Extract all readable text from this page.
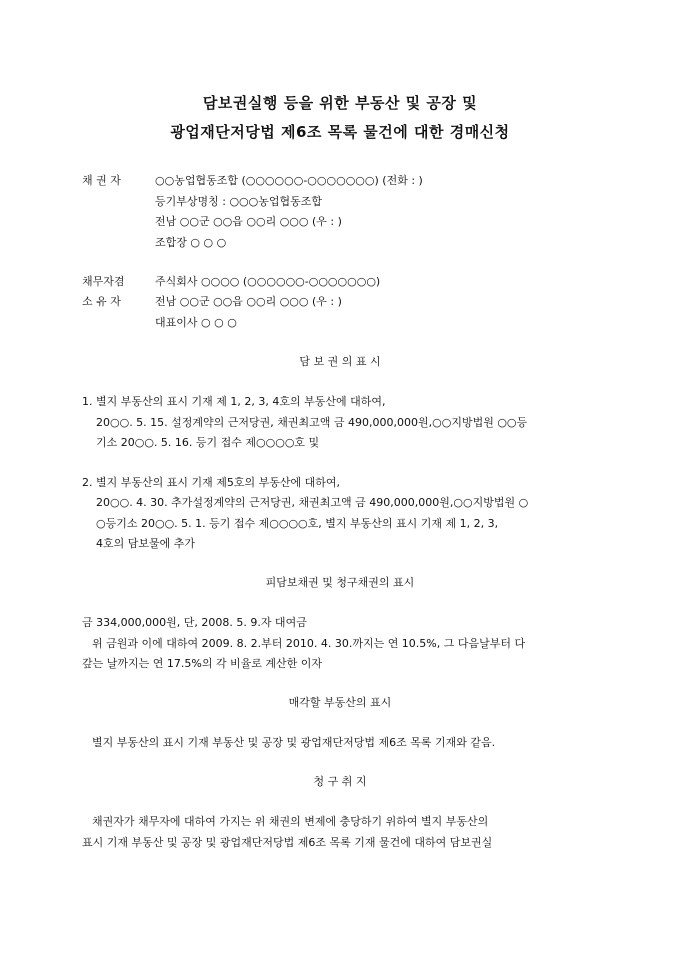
담보권실행 등을 위한 부동산 및 공장 및
광업재단저당법 제6조 목록 물건에 대한 경매신청
채 권 자	○○농업협동조합 (○○○○○○-○○○○○○○) (전화 : )
등기부상명칭 : ○○○농업협동조합
전남 ○○군 ○○읍 ○○리 ○○○ (우 : )
조합장 ○ ○ ○
채무자겸	주식회사 ○○○○ (○○○○○○-○○○○○○○)
소 유 자	전남 ○○군 ○○읍 ○○리 ○○○ (우 : )
대표이사 ○ ○ ○
담 보 권 의 표 시
1. 별지 부동산의 표시 기재 제 1, 2, 3, 4호의 부동산에 대하여,
20○○. 5. 15. 설정계약의 근저당권, 채권최고액 금 490,000,000원,○○지방법원 ○○등
기소 20○○. 5. 16. 등기 접수 제○○○○호 및
2. 별지 부동산의 표시 기재 제5호의 부동산에 대하여,
20○○. 4. 30. 추가설정계약의 근저당권, 채권최고액 금 490,000,000원,○○지방법원 ○
○등기소 20○○. 5. 1. 등기 접수 제○○○○호, 별지 부동산의 표시 기재 제 1, 2, 3,
4호의 담보물에 추가
피담보채권 및 청구채권의 표시
금 334,000,000원, 단, 2008. 5. 9.자 대여금
위 금원과 이에 대하여 2009. 8. 2.부터 2010. 4. 30.까지는 연 10.5%, 그 다음날부터 다
갚는 날까지는 연 17.5%의 각 비율로 계산한 이자
매각할 부동산의 표시
별지 부동산의 표시 기재 부동산 및 공장 및 광업재단저당법 제6조 목록 기재와 같음.
청 구 취 지
채권자가 채무자에 대하여 가지는 위 채권의 변제에 충당하기 위하여 별지 부동산의
표시 기재 부동산 및 공장 및 광업재단저당법 제6조 목록 기재 물건에 대하여 담보권실
